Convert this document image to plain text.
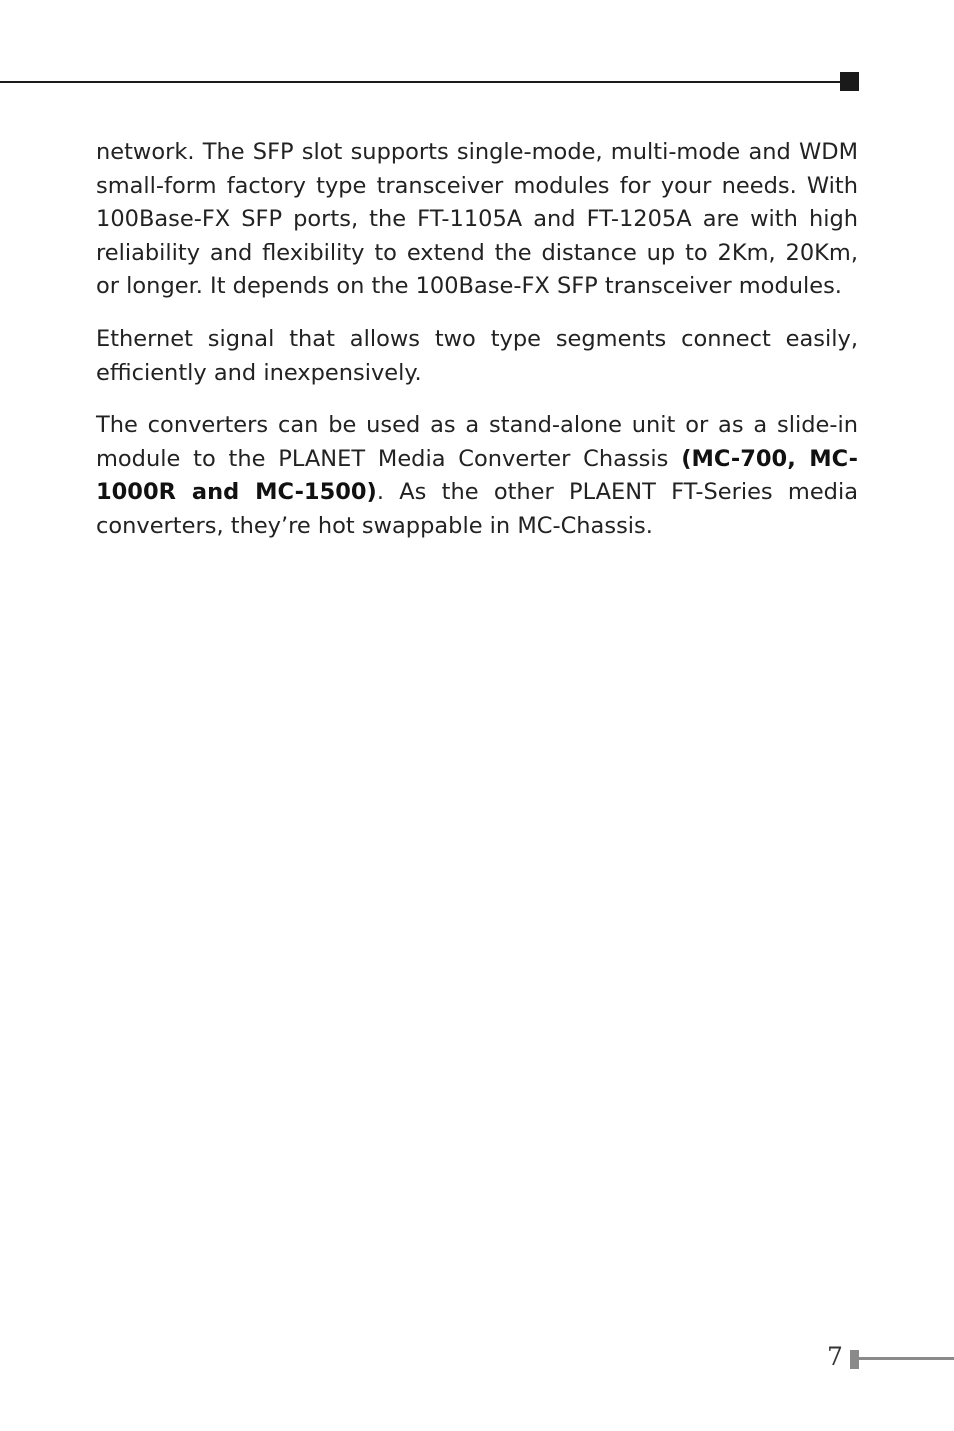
network. The SFP slot supports single-mode, multi-mode and WDM small-form factory type transceiver modules for your needs. With 100Base-FX SFP ports, the FT-1105A and FT-1205A are with high reliability and flexibility to extend the distance up to 2Km, 20Km, or longer. It depends on the 100Base-FX SFP transceiver modules.

Ethernet signal that allows two type segments connect easily, efficiently and inexpensively.

The converters can be used as a stand-alone unit or as a slide-in module to the PLANET Media Converter Chassis (MC-700, MC-1000R and MC-1500). As the other PLAENT FT-Series media converters, they’re hot swappable in MC-Chassis.

7
